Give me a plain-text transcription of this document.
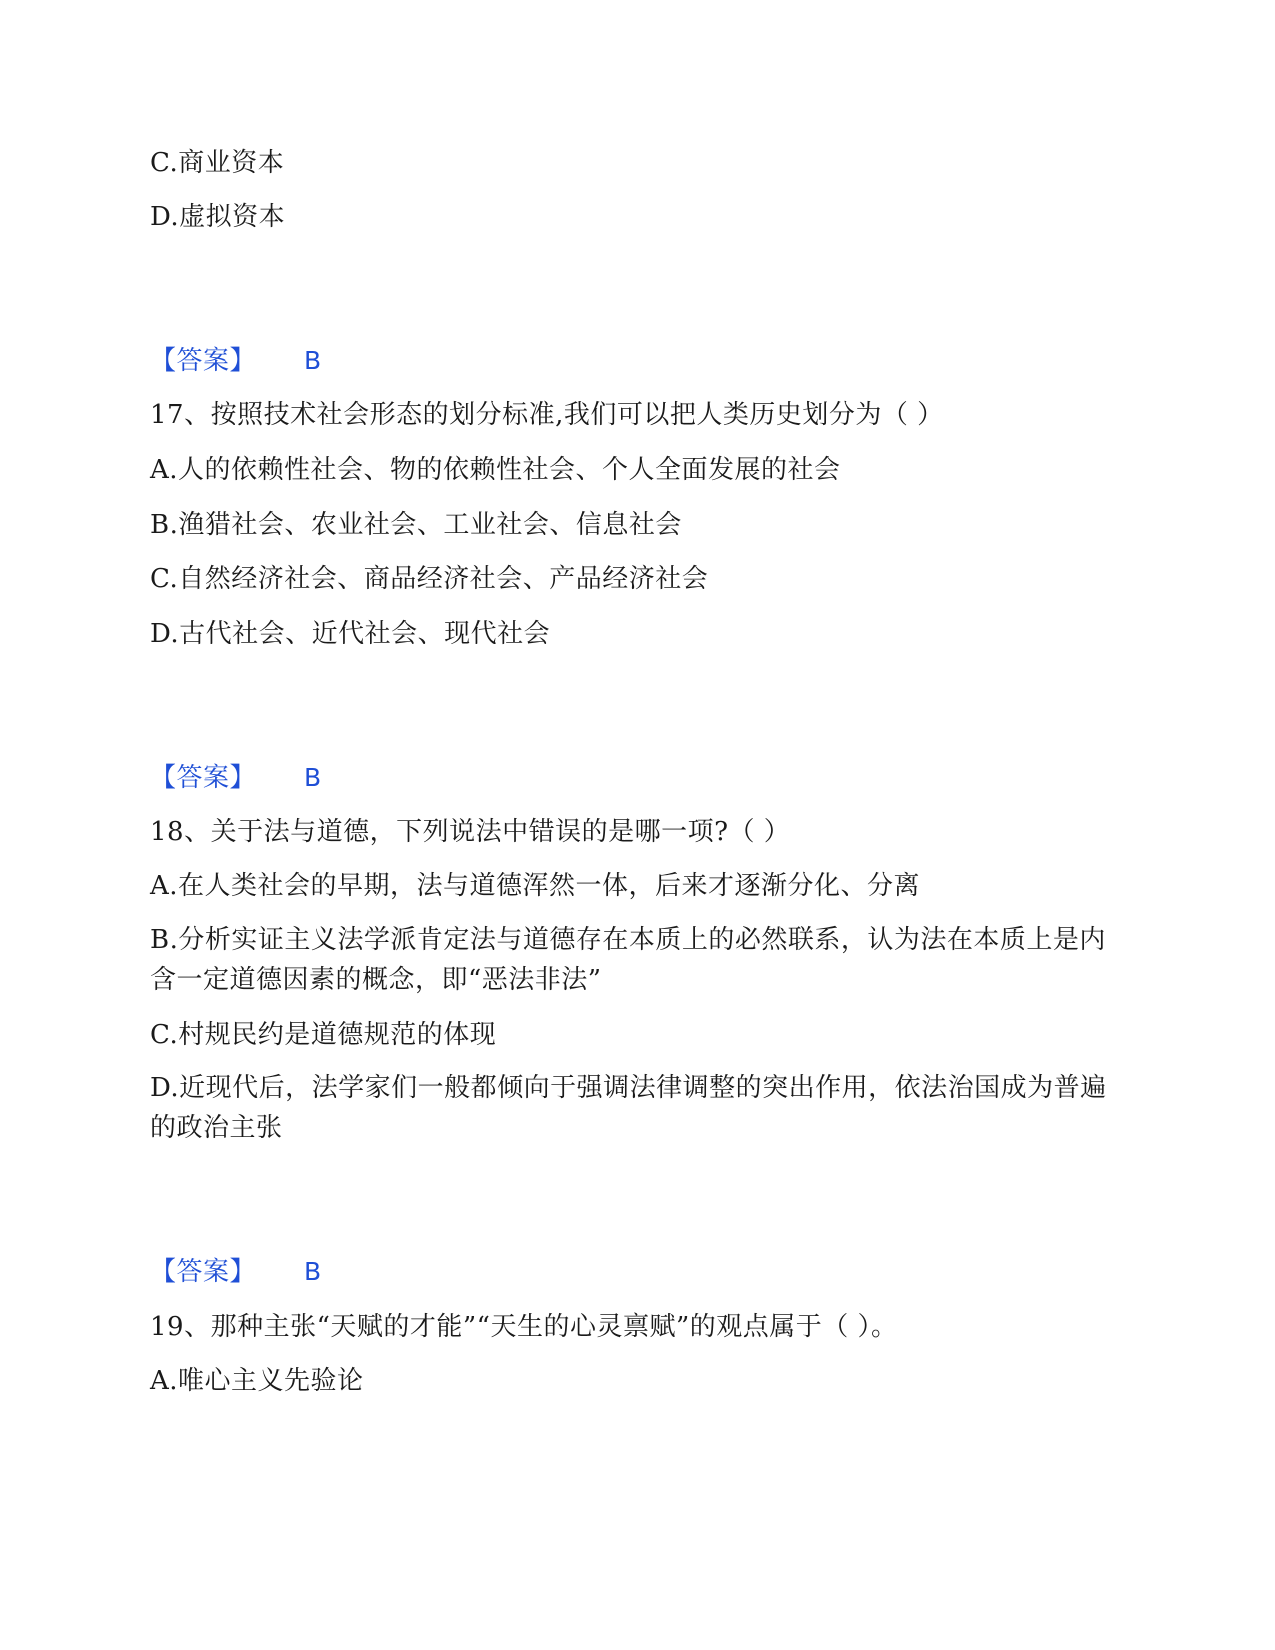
C.商业资本
D.虚拟资本
【答案】 B
17、按照技术社会形态的划分标准,我们可以把人类历史划分为（ ）
A.人的依赖性社会、物的依赖性社会、个人全面发展的社会
B.渔猎社会、农业社会、工业社会、信息社会
C.自然经济社会、商品经济社会、产品经济社会
D.古代社会、近代社会、现代社会
【答案】 B
18、关于法与道德，下列说法中错误的是哪一项?（ ）
A.在人类社会的早期，法与道德浑然一体，后来才逐渐分化、分离
B.分析实证主义法学派肯定法与道德存在本质上的必然联系，认为法在本质上是内含一定道德因素的概念，即“恶法非法”
C.村规民约是道德规范的体现
D.近现代后，法学家们一般都倾向于强调法律调整的突出作用，依法治国成为普遍的政治主张
【答案】 B
19、那种主张“天赋的才能”“天生的心灵禀赋”的观点属于（ ）。
A.唯心主义先验论
